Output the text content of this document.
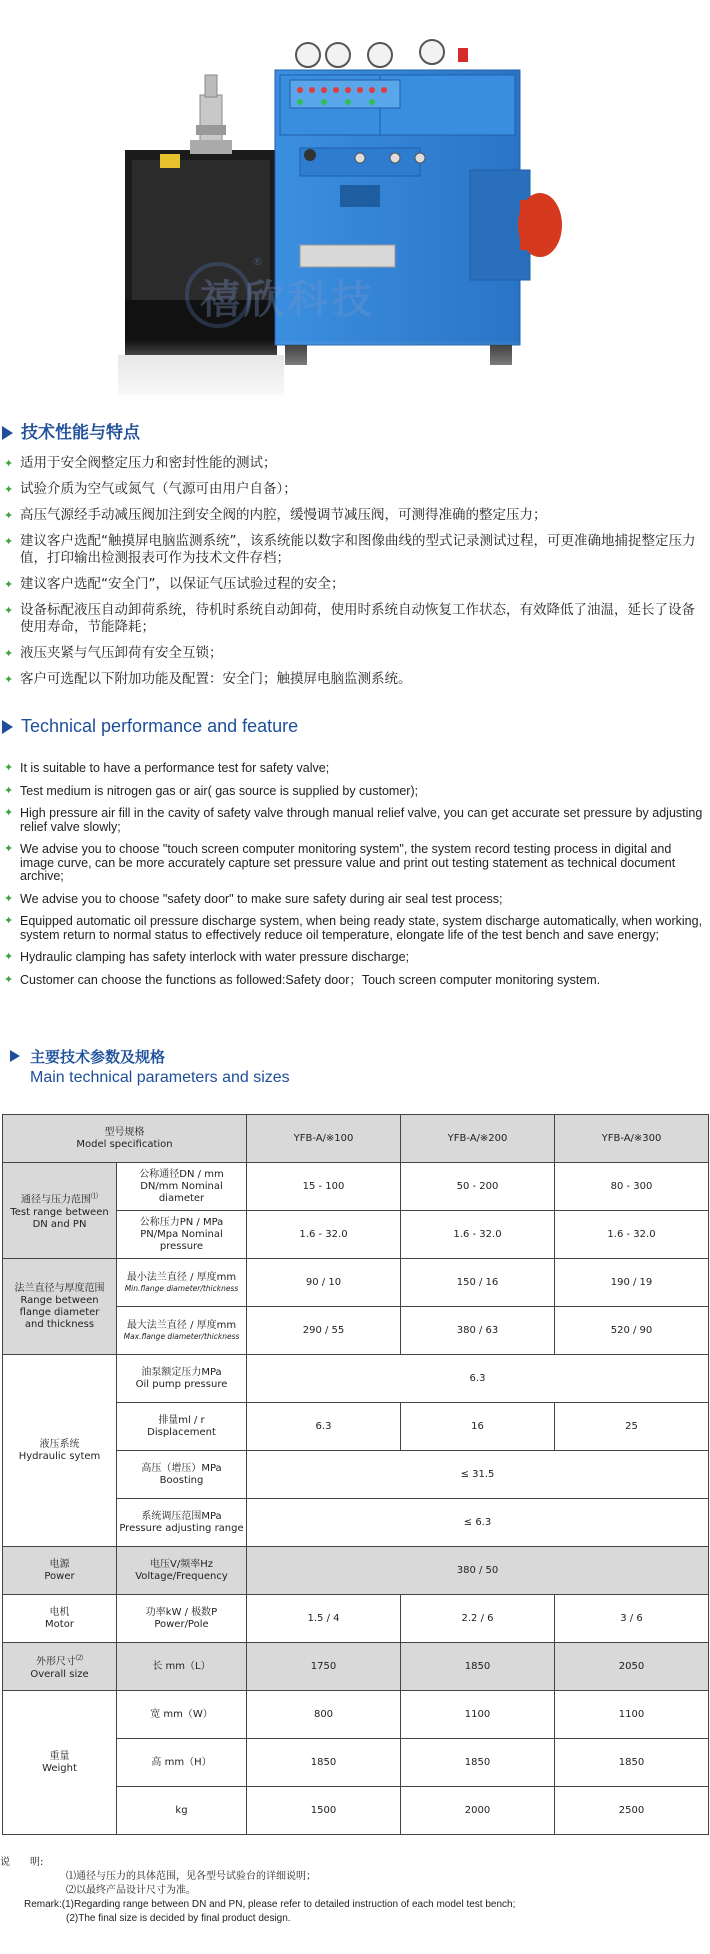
®
禧欣科技
技术性能与特点
✦ 适用于安全阀整定压力和密封性能的测试；
✦ 试验介质为空气或氮气（气源可由用户自备）；
✦ 高压气源经手动减压阀加注到安全阀的内腔，缓慢调节减压阀，可测得准确的整定压力；
✦ 建议客户选配“触摸屏电脑监测系统”，该系统能以数字和图像曲线的型式记录测试过程，可更准确地捕捉整定压力值，打印输出检测报表可作为技术文件存档；
✦ 建议客户选配“安全门”，以保证气压试验过程的安全；
✦ 设备标配液压自动卸荷系统，待机时系统自动卸荷，使用时系统自动恢复工作状态，有效降低了油温，延长了设备使用寿命，节能降耗；
✦ 液压夹紧与气压卸荷有安全互锁；
✦ 客户可选配以下附加功能及配置：安全门；触摸屏电脑监测系统。
Technical performance and feature
✦ It is suitable to have a performance test for safety valve;
✦ Test medium is nitrogen gas or air( gas source is supplied by customer);
✦ High pressure air fill in the cavity of safety valve through manual relief valve, you can get accurate set pressure by adjusting relief valve slowly;
✦ We advise you to choose "touch screen computer monitoring system", the system record testing process in digital and image curve, can be more accurately capture set pressure value and print out testing statement as technical document archive;
✦ We advise you to choose "safety door" to make sure safety during air seal test process;
✦ Equipped automatic oil pressure discharge system, when being ready state, system discharge automatically, when working, system return to normal status to effectively reduce oil temperature, elongate life of the test bench and save energy;
✦ Hydraulic clamping has safety interlock with water pressure discharge;
✦ Customer can choose the functions as followed:Safety door；Touch screen computer monitoring system.
主要技术参数及规格
Main technical parameters and sizes
型号规格
Model specification		YFB-A/※100	YFB-A/※200	YFB-A/※300
通径与压力范围⑴
Test range between DN and PN	公称通径DN / mm
DN/mm Nominal diameter	15 - 100	50 - 200	80 - 300
	公称压力PN / MPa
PN/Mpa Nominal pressure	1.6 - 32.0	1.6 - 32.0	1.6 - 32.0
法兰直径与厚度范围
Range between flange diameter
and thickness	最小法兰直径 / 厚度mm
Min.flange diameter/thickness	90 / 10	150 / 16	190 / 19
	最大法兰直径 / 厚度mm
Max.flange diameter/thickness	290 / 55	380 / 63	520 / 90
液压系统
Hydraulic sytem	油泵额定压力MPa
Oil pump pressure	6.3		
	排量ml / r
Displacement	6.3	16	25
	高压（增压）MPa
Boosting	≤ 31.5		
	系统调压范围MPa
Pressure adjusting range	≤ 6.3		
电源
Power	电压V/频率Hz
Voltage/Frequency	380 / 50		
电机
Motor	功率kW / 极数P
Power/Pole	1.5 / 4	2.2 / 6	3 / 6
外形尺寸⑵
Overall size	长 mm（L）	1750	1850	2050
重量
Weight	宽 mm（W）	800	1100	1100
	高 mm（H）	1850	1850	1850
	kg	1500	2000	2500
说　　明:
⑴通径与压力的具体范围，见各型号试验台的详细说明；
⑵以最终产品设计尺寸为准。
Remark:(1)Regarding range between DN and PN, please refer to detailed instruction of each model test bench;
(2)The final size is decided by final product design.
